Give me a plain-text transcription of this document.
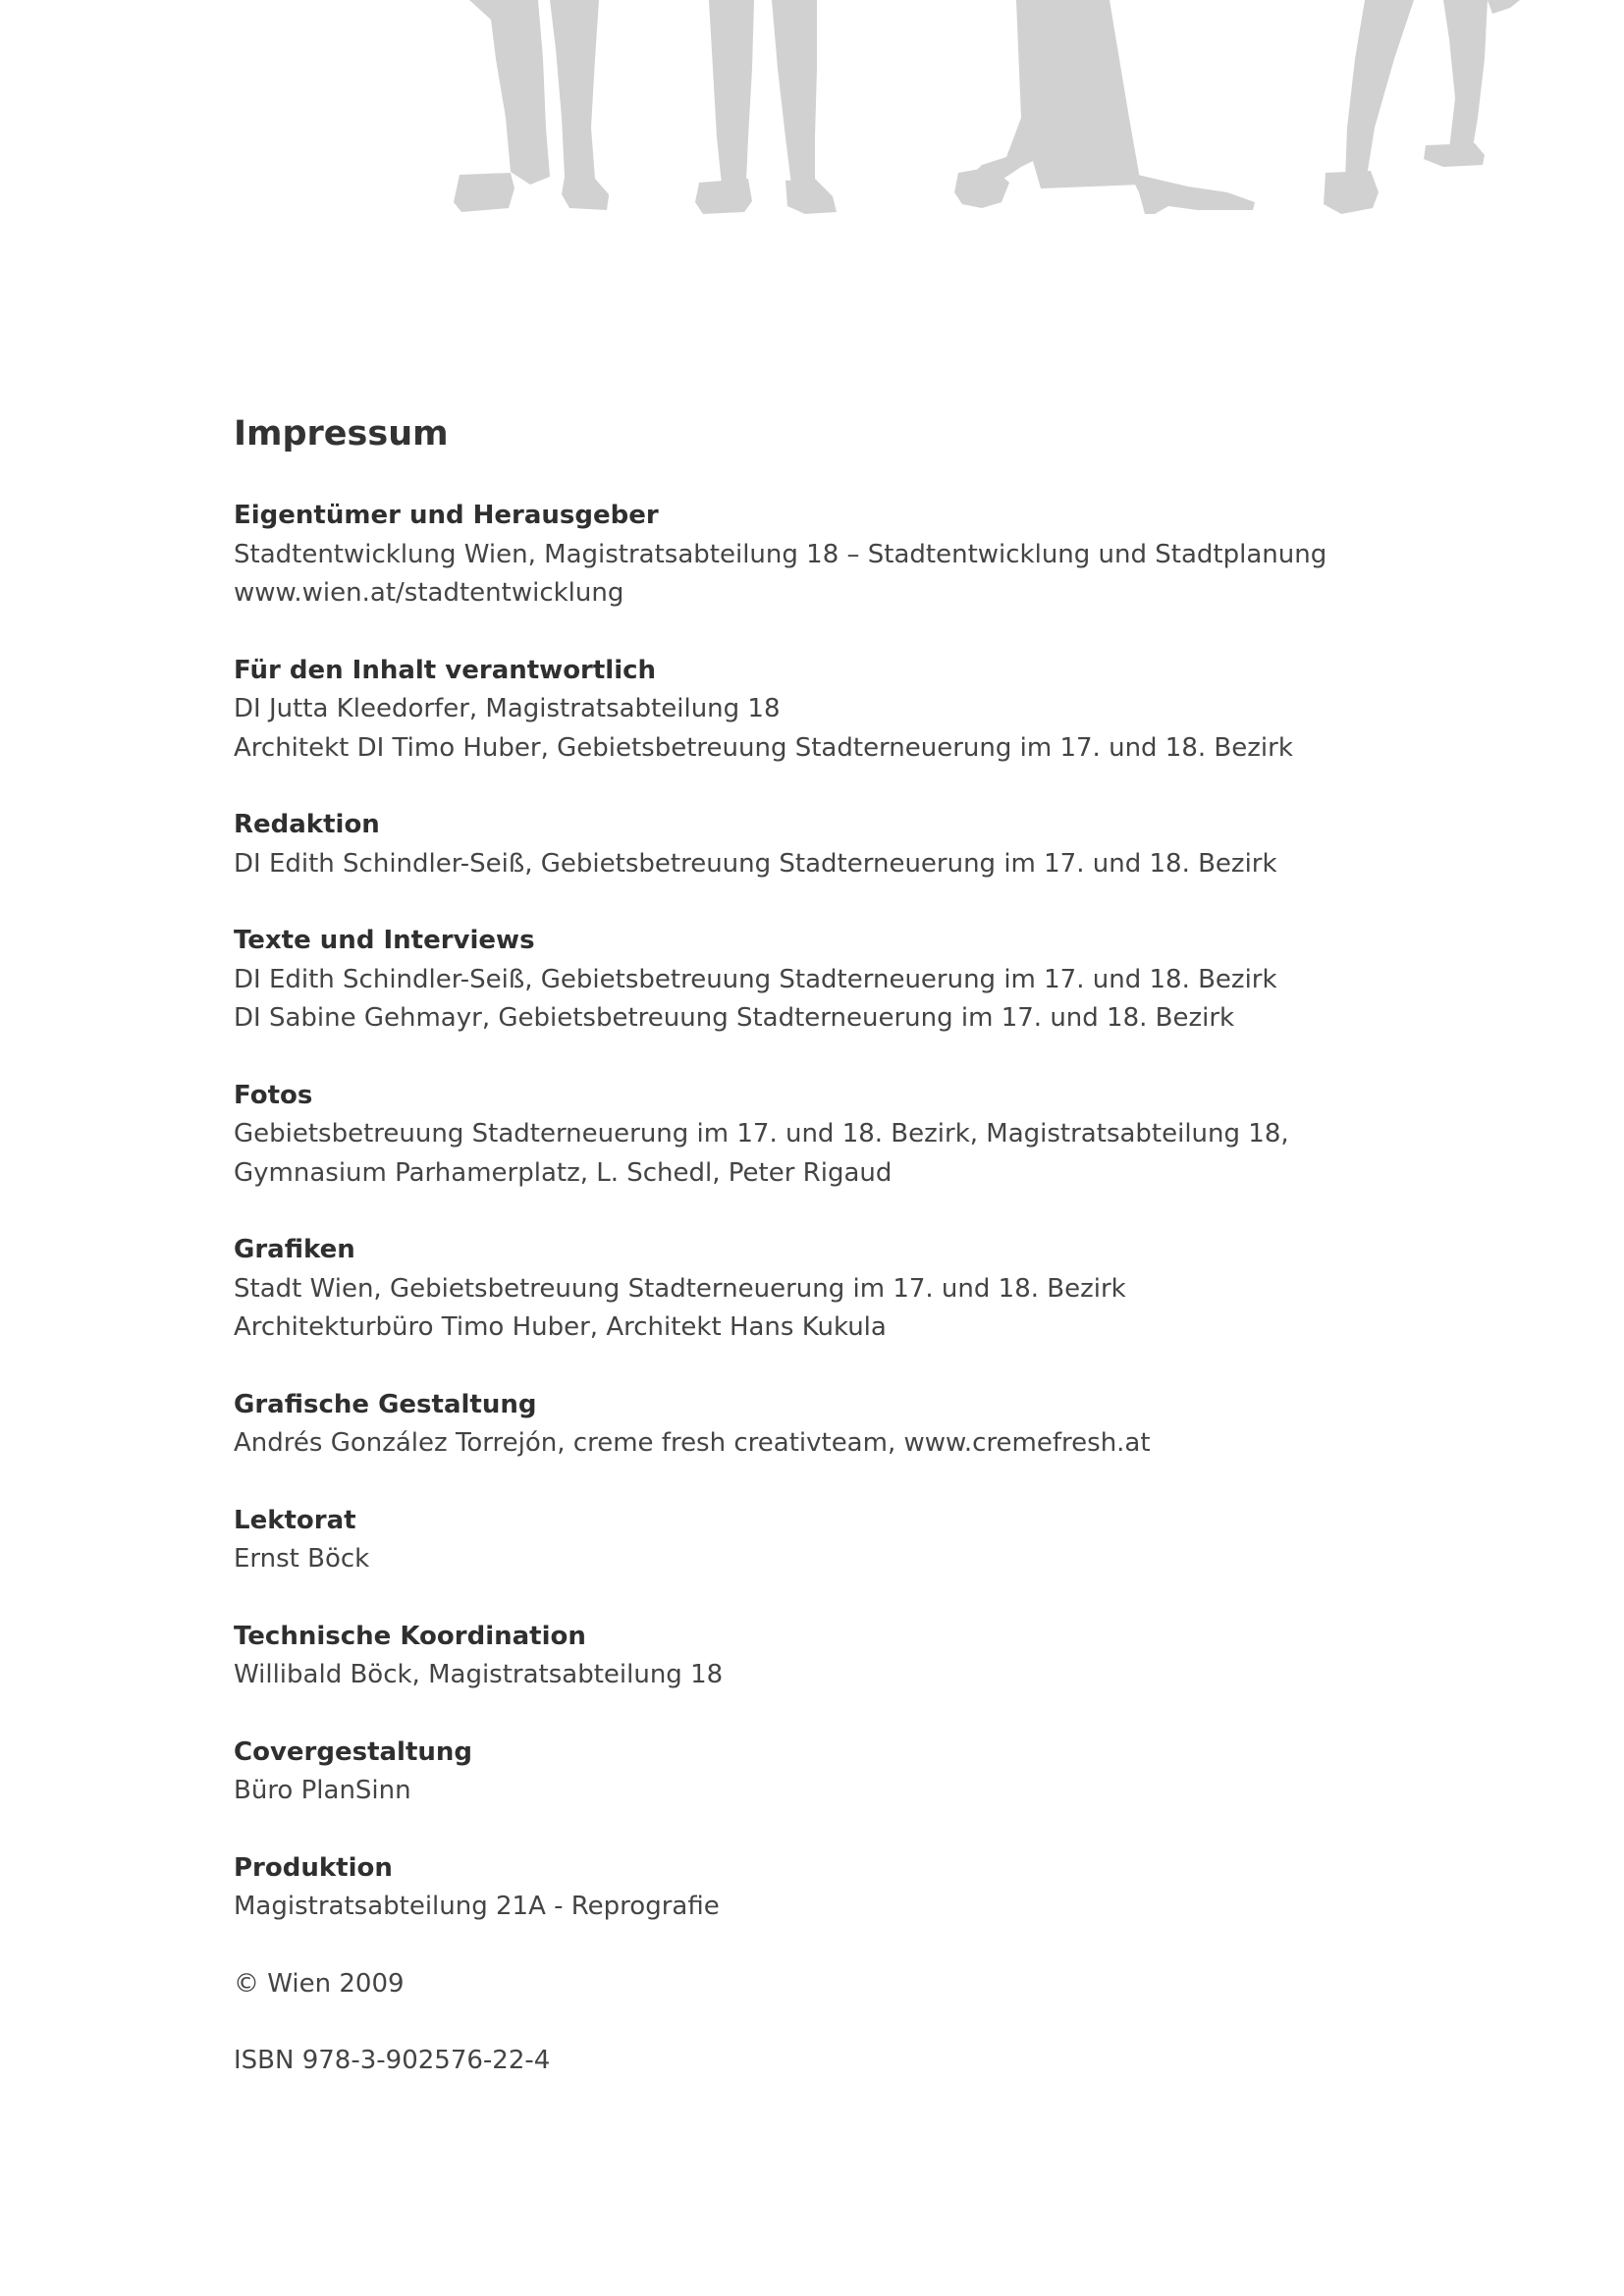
Impressum

Eigentümer und Herausgeber

Stadtentwicklung Wien, Magistratsabteilung 18 – Stadtentwicklung und Stadtplanung

www.wien.at/stadtentwicklung

Für den Inhalt verantwortlich

DI Jutta Kleedorfer, Magistratsabteilung 18

Architekt DI Timo Huber, Gebietsbetreuung Stadterneuerung im 17. und 18. Bezirk

Redaktion

DI Edith Schindler-Seiß, Gebietsbetreuung Stadterneuerung im 17. und 18. Bezirk

Texte und Interviews

DI Edith Schindler-Seiß, Gebietsbetreuung Stadterneuerung im 17. und 18. Bezirk

DI Sabine Gehmayr, Gebietsbetreuung Stadterneuerung im 17. und 18. Bezirk

Fotos

Gebietsbetreuung Stadterneuerung im 17. und 18. Bezirk, Magistratsabteilung 18,

Gymnasium Parhamerplatz, L. Schedl, Peter Rigaud

Grafiken

Stadt Wien, Gebietsbetreuung Stadterneuerung im 17. und 18. Bezirk

Architekturbüro Timo Huber, Architekt Hans Kukula

Grafische Gestaltung

Andrés González Torrejón, creme fresh creativteam, www.cremefresh.at

Lektorat

Ernst Böck

Technische Koordination

Willibald Böck, Magistratsabteilung 18

Covergestaltung

Büro PlanSinn

Produktion

Magistratsabteilung 21A - Reprografie

© Wien 2009

ISBN 978-3-902576-22-4
